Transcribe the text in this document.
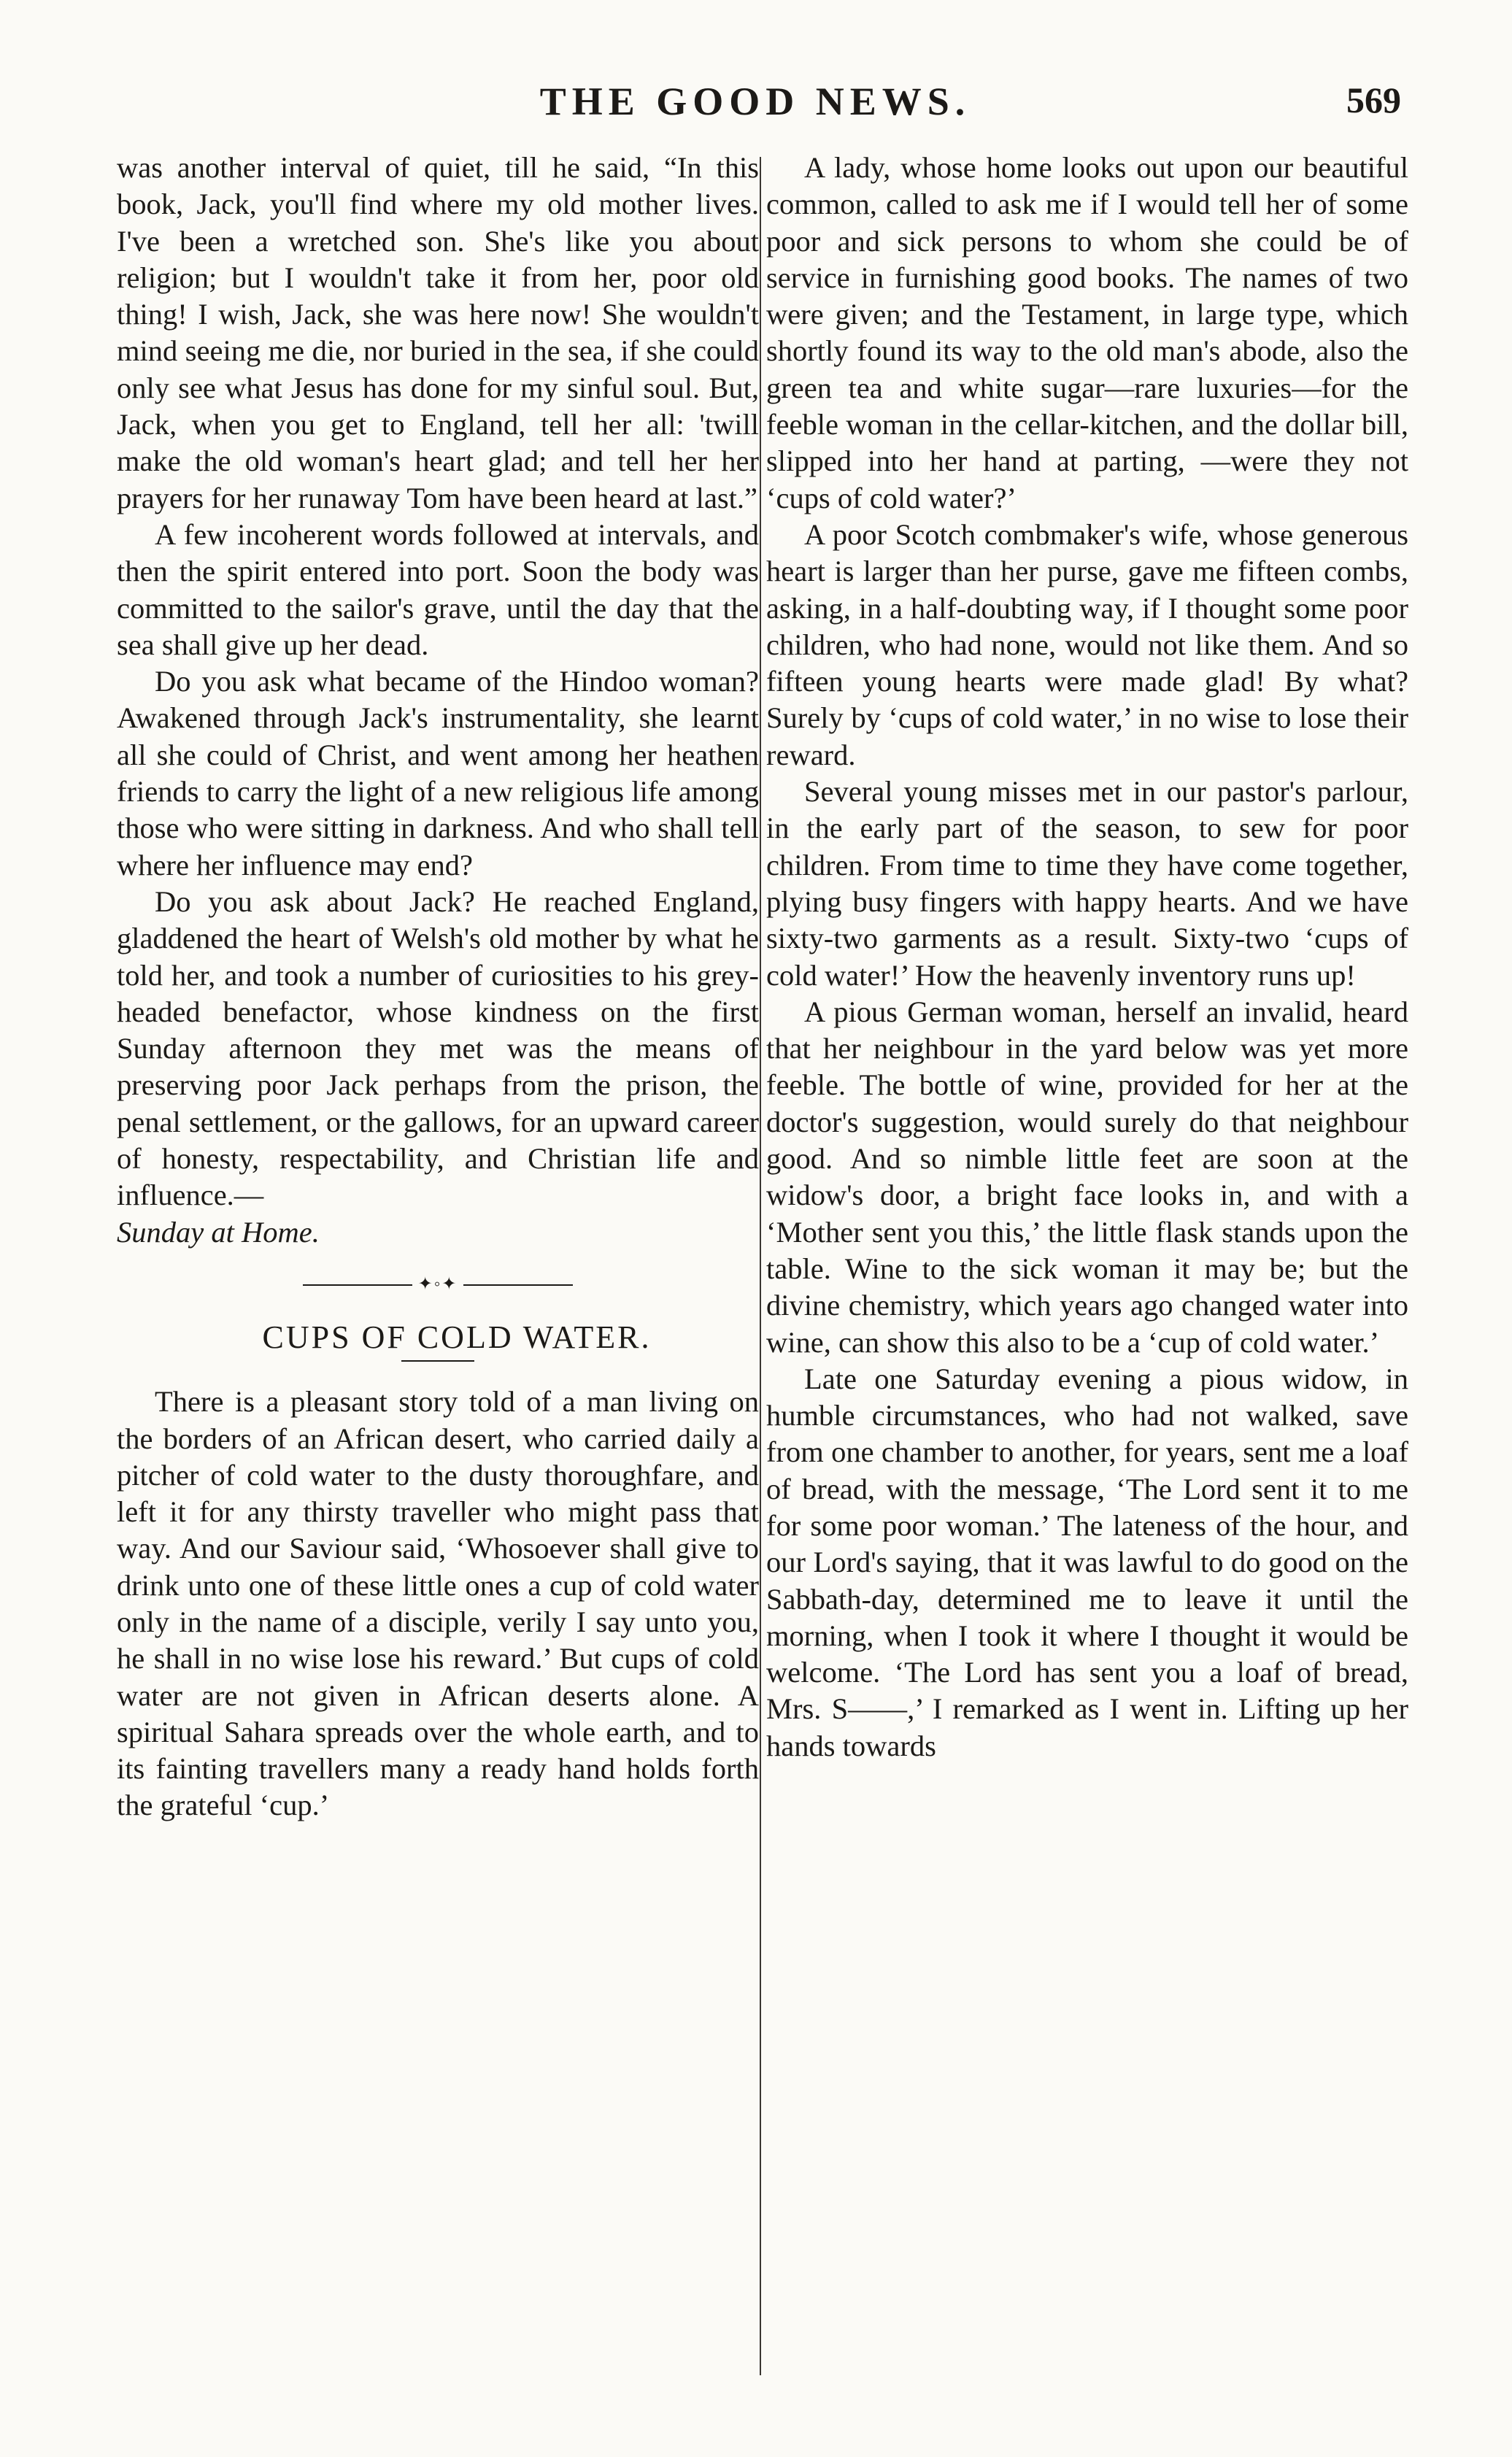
THE GOOD NEWS.	569

was another interval of quiet, till he said, “In this book, Jack, you'll find where my old mother lives. I've been a wretched son. She's like you about religion; but I wouldn't take it from her, poor old thing! I wish, Jack, she was here now! She wouldn't mind seeing me die, nor buried in the sea, if she could only see what Jesus has done for my sinful soul. But, Jack, when you get to England, tell her all: 'twill make the old woman's heart glad; and tell her her prayers for her runaway Tom have been heard at last.”

A few incoherent words followed at intervals, and then the spirit entered into port. Soon the body was committed to the sailor's grave, until the day that the sea shall give up her dead.

Do you ask what became of the Hindoo woman? Awakened through Jack's instrumentality, she learnt all she could of Christ, and went among her heathen friends to carry the light of a new religious life among those who were sitting in darkness. And who shall tell where her influence may end?

Do you ask about Jack? He reached England, gladdened the heart of Welsh's old mother by what he told her, and took a number of curiosities to his grey-headed benefactor, whose kindness on the first Sunday afternoon they met was the means of preserving poor Jack perhaps from the prison, the penal settlement, or the gallows, for an upward career of honesty, respectability, and Christian life and influence.—

Sunday at Home.

✦◦✦

CUPS OF COLD WATER.

There is a pleasant story told of a man living on the borders of an African desert, who carried daily a pitcher of cold water to the dusty thoroughfare, and left it for any thirsty traveller who might pass that way. And our Saviour said, ‘Whosoever shall give to drink unto one of these little ones a cup of cold water only in the name of a disciple, verily I say unto you, he shall in no wise lose his reward.’ But cups of cold water are not given in African deserts alone. A spiritual Sahara spreads over the whole earth, and to its fainting travellers many a ready hand holds forth the grateful ‘cup.’

A lady, whose home looks out upon our beautiful common, called to ask me if I would tell her of some poor and sick persons to whom she could be of service in furnishing good books. The names of two were given; and the Testament, in large type, which shortly found its way to the old man's abode, also the green tea and white sugar—rare luxuries—for the feeble woman in the cellar-kitchen, and the dollar bill, slipped into her hand at parting, —were they not ‘cups of cold water?’

A poor Scotch combmaker's wife, whose generous heart is larger than her purse, gave me fifteen combs, asking, in a half-doubting way, if I thought some poor children, who had none, would not like them. And so fifteen young hearts were made glad! By what? Surely by ‘cups of cold water,’ in no wise to lose their reward.

Several young misses met in our pastor's parlour, in the early part of the season, to sew for poor children. From time to time they have come together, plying busy fingers with happy hearts. And we have sixty-two garments as a result. Sixty-two ‘cups of cold water!’ How the heavenly inventory runs up!

A pious German woman, herself an invalid, heard that her neighbour in the yard below was yet more feeble. The bottle of wine, provided for her at the doctor's suggestion, would surely do that neighbour good. And so nimble little feet are soon at the widow's door, a bright face looks in, and with a ‘Mother sent you this,’ the little flask stands upon the table. Wine to the sick woman it may be; but the divine chemistry, which years ago changed water into wine, can show this also to be a ‘cup of cold water.’

Late one Saturday evening a pious widow, in humble circumstances, who had not walked, save from one chamber to another, for years, sent me a loaf of bread, with the message, ‘The Lord sent it to me for some poor woman.’ The lateness of the hour, and our Lord's saying, that it was lawful to do good on the Sabbath-day, determined me to leave it until the morning, when I took it where I thought it would be welcome. ‘The Lord has sent you a loaf of bread, Mrs. S——,’ I remarked as I went in. Lifting up her hands towards
